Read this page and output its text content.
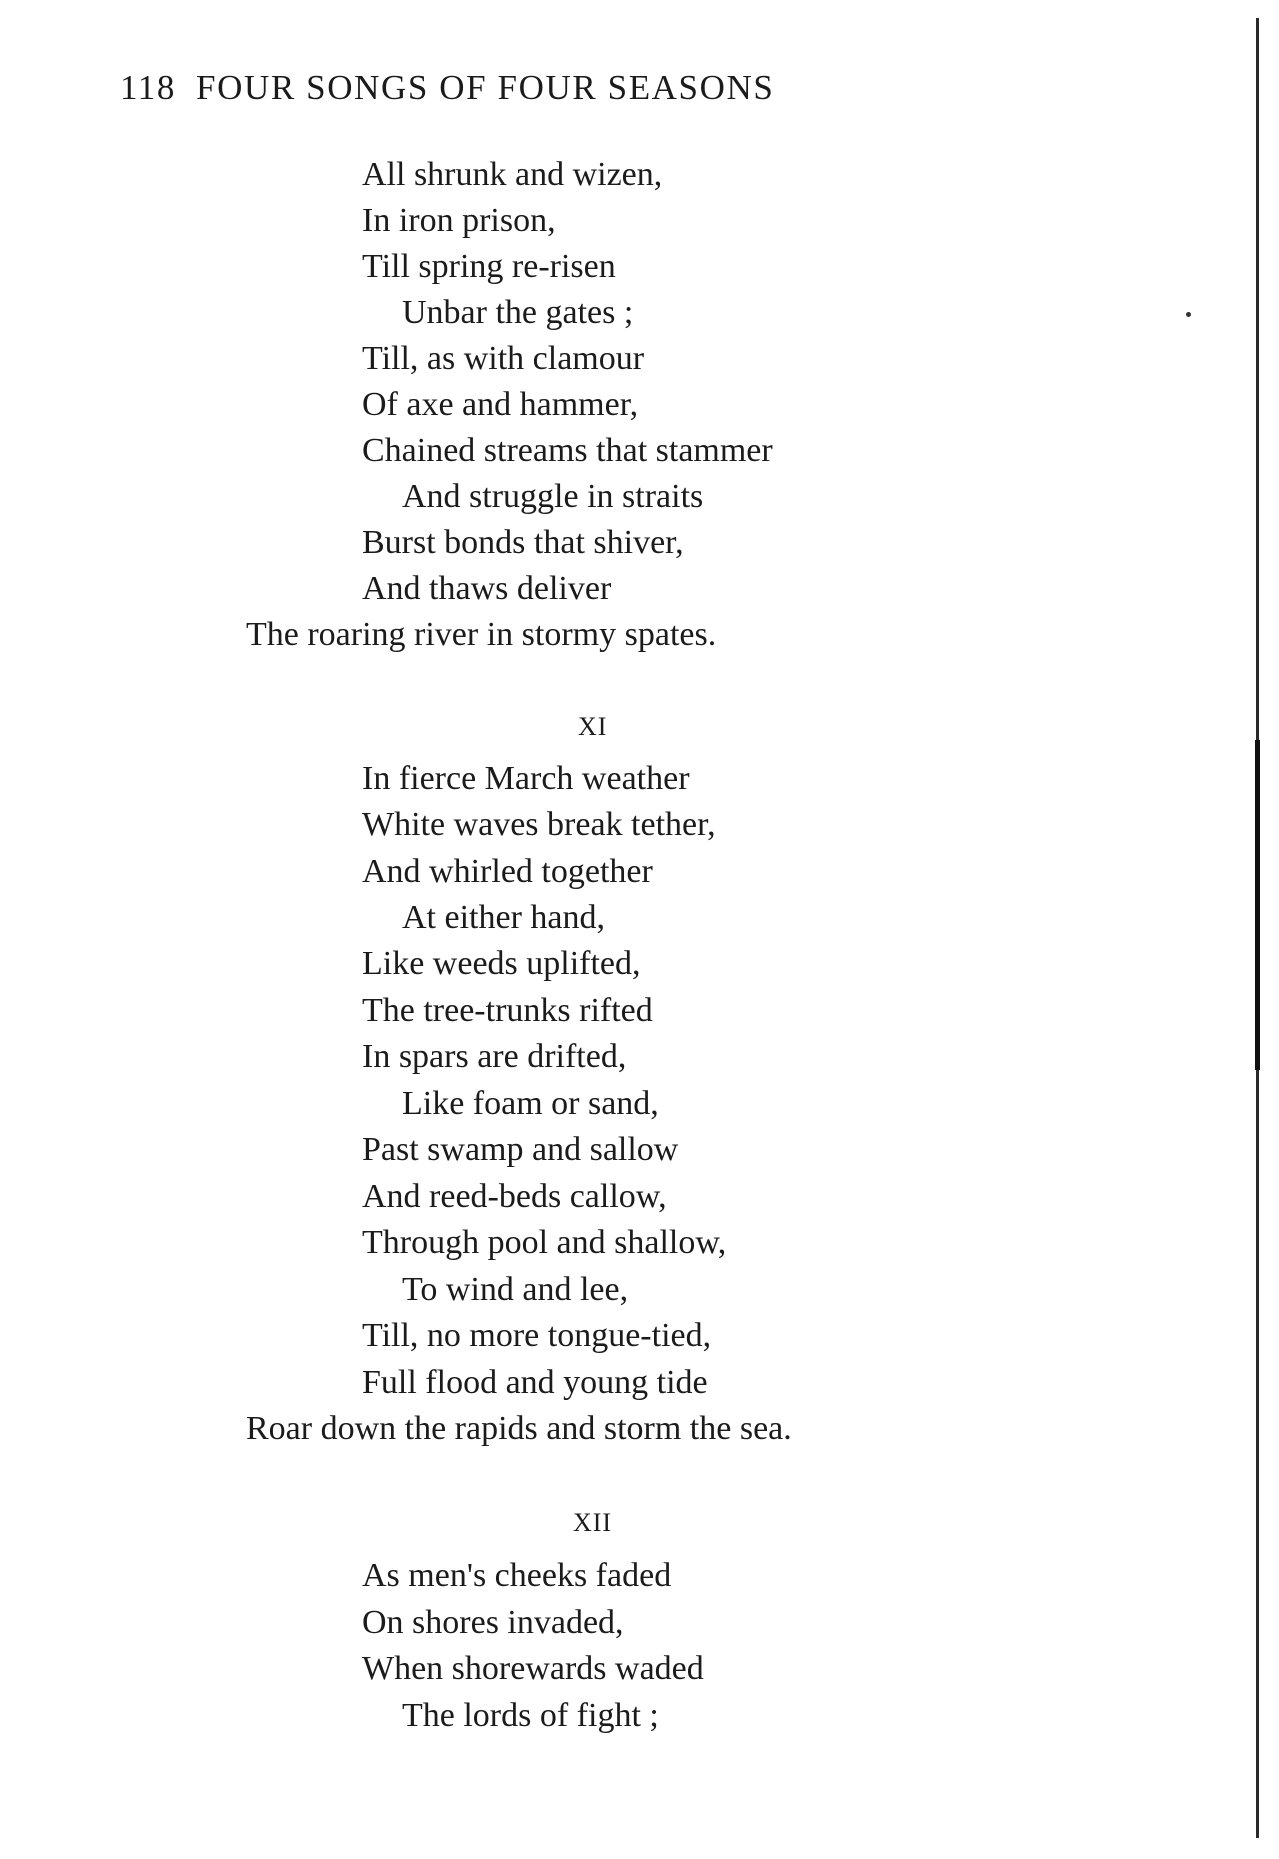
118 FOUR SONGS OF FOUR SEASONS
All shrunk and wizen,
In iron prison,
Till spring re-risen
Unbar the gates ;
Till, as with clamour
Of axe and hammer,
Chained streams that stammer
And struggle in straits
Burst bonds that shiver,
And thaws deliver
The roaring river in stormy spates.
XI
In fierce March weather
White waves break tether,
And whirled together
At either hand,
Like weeds uplifted,
The tree-trunks rifted
In spars are drifted,
Like foam or sand,
Past swamp and sallow
And reed-beds callow,
Through pool and shallow,
To wind and lee,
Till, no more tongue-tied,
Full flood and young tide
Roar down the rapids and storm the sea.
XII
As men's cheeks faded
On shores invaded,
When shorewards waded
The lords of fight ;
